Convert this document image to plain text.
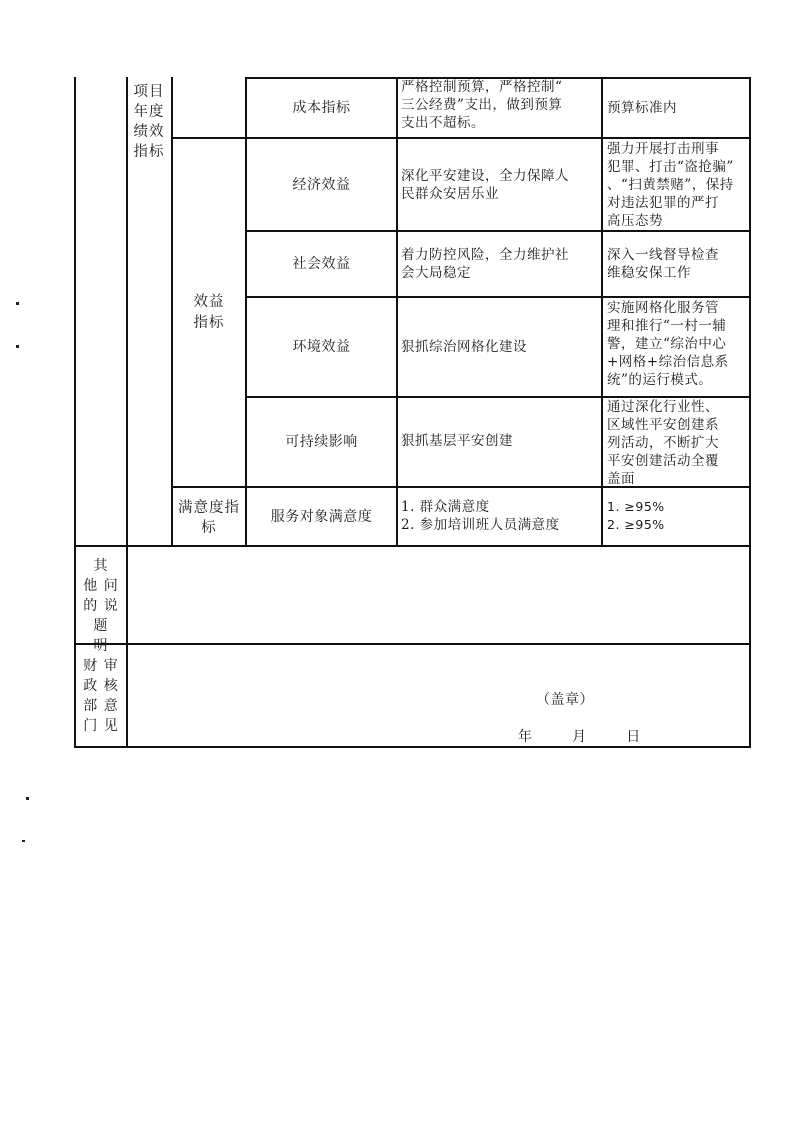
项目
年度
绩效
指标
成本指标
严格控制预算，严格控制“
三公经费”支出，做到预算
支出不超标。
预算标准内
效益
指标
经济效益
深化平安建设，全力保障人
民群众安居乐业
强力开展打击刑事
犯罪、打击“盗抢骗”
、“扫黄禁赌”，保持
对违法犯罪的严打
高压态势
社会效益
着力防控风险，全力维护社
会大局稳定
深入一线督导检查
维稳安保工作
环境效益	狠抓综治网格化建设
实施网格化服务管
理和推行“一村一辅
警，建立“综治中心
+网格+综治信息系
统”的运行模式。
可持续影响	狠抓基层平安创建
通过深化行业性、
区域性平安创建系
列活动，不断扩大
平安创建活动全覆
盖面
满意度指
标
服务对象满意度
1. 群众满意度
2. 参加培训班人员满意度
1. ≥95%
2. ≥95%
其
他 问
的 说 题
明
财 审
政 核
部 意
门 见
（盖章）
年        月        日
